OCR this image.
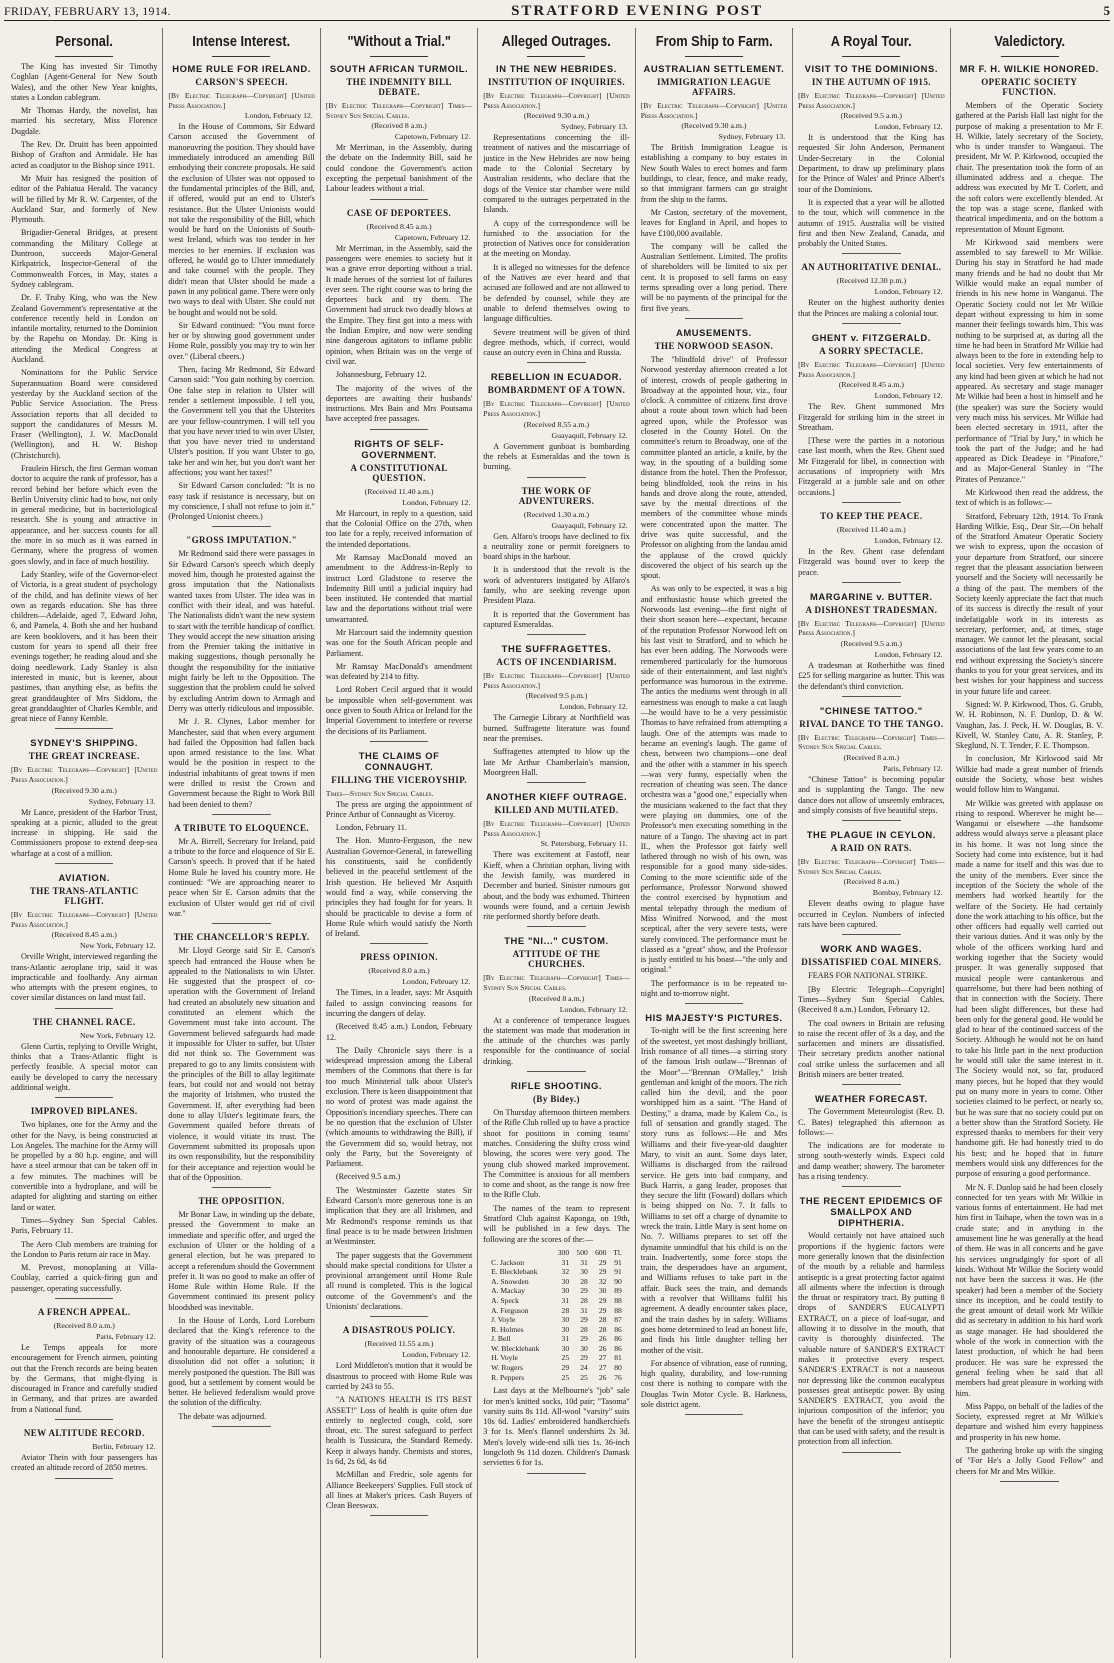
FRIDAY, FEBRUARY 13, 1914.	STRATFORD EVENING POST	5
Personal.

The King has invested Sir Timothy Coghlan (Agent-General for New South Wales), and the other New Year knights, states a London cablegram.

Mr Thomas Hardy, the novelist, has married his secretary, Miss Florence Dugdale.

The Rev. Dr. Druitt has been appointed Bishop of Grafton and Armidale. He has acted as coadjutor to the Bishop since 1911.

Mr Muir has resigned the position of editor of the Pahiatua Herald. The vacancy will be filled by Mr R. W. Carpenter, of the Auckland Star, and formerly of New Plymouth.

Brigadier-General Bridges, at present commanding the Military College at Duntroon, succeeds Major-General Kirkpatrick, Inspector-General of the Commonwealth Forces, in May, states a Sydney cablegram.

Dr. F. Truby King, who was the New Zealand Government's representative at the conference recently held in London on infantile mortality, returned to the Dominion by the Rapehu on Monday. Dr. King is attending the Medical Congress at Auckland.

Nominations for the Public Service Superannuation Board were considered yesterday by the Auckland section of the Public Service Association. The Press Association reports that all decided to support the candidatures of Messrs M. Fraser (Wellington), J. W. MacDonald (Wellington), and H. W. Bishop (Christchurch).

Fraulein Hirsch, the first German woman doctor to acquire the rank of professor, has a record behind her before which even the Berlin University clinic had to bow, not only in general medicine, but in bacteriological research. She is young and attractive in appearance, and her success counts for all the more in so much as it was earned in Germany, where the progress of women goes slowly, and in face of much hostility.

Lady Stanley, wife of the Governor-elect of Victoria, is a great student of psychology of the child, and has definite views of her own as regards education. She has three children—Adelaide, aged 7, Edward John, 6, and Pamela, 4. Both she and her husband are keen booklovers, and it has been their custom for years to spend all their free evenings together; he reading aloud and she doing needlework. Lady Stanley is also interested in music, but is keener, about pastimes, than anything else, as befits the great granddaughter of Mrs Siddons, the great granddaughter of Charles Kemble, and great niece of Fanny Kemble.

SYDNEY'S SHIPPING.
THE GREAT INCREASE.
[By Electric Telegraph—Copyright] [United Press Association.]
(Received 9.30 a.m.)
Sydney, February 13.

Mr Lance, president of the Harbor Trust, speaking at a picnic, alluded to the great increase in shipping. He said the Commissioners propose to extend deep-sea wharfage at a cost of a million.

AVIATION.
THE TRANS-ATLANTIC FLIGHT.
[By Electric Telegraph—Copyright] [United Press Association.]
(Received 8.45 a.m.)
New York, February 12.

Orville Wright, interviewed regarding the trans-Atlantic aeroplane trip, said it was impracticable and foolhardy. Any airman who attempts with the present engines, to cover similar distances on land must fail.

THE CHANNEL RACE.
New York, February 12.

Glenn Curtis, replying to Orville Wright, thinks that a Trans-Atlantic flight is perfectly feasible. A special motor can easily be developed to carry the necessary additional weight.

IMPROVED BIPLANES.

Two biplanes, one for the Army and the other for the Navy, is being constructed at Los Angeles. The machine for the Army will be propelled by a 80 h.p. engine, and will have a steel armour that can be taken off in a few minutes. The machines will be convertible into a hydroplane, and will be adapted for alighting and starting on either land or water.

Times—Sydney Sun Special Cables. Paris, February 11.

The Aero Club members are training for the London to Paris return air race in May.

M. Prevost, monoplaning at Villa-Coublay, carried a quick-firing gun and passenger, operating successfully.

A FRENCH APPEAL.
(Received 8.0 a.m.)
Paris, February 12.

Le Temps appeals for more encouragement for French airmen, pointing out that the French records are being beaten by the Germans, that might-flying is discouraged in France and carefully studied in Germany, and that prizes are awarded from a National fund.

NEW ALTITUDE RECORD.
Berlin, February 12.

Aviator Thein with four passengers has created an altitude record of 2850 metres.

Intense Interest.
HOME RULE FOR IRELAND.
CARSON'S SPEECH.
[By Electric Telegraph—Copyright] [United Press Association.]
London, February 12.

In the House of Commons, Sir Edward Carson accused the Government of manoeuvring the position. They should have immediately introduced an amending Bill embodying their concrete proposals. He said the exclusion of Ulster was not opposed to the fundamental principles of the Bill, and, if offered, would put an end to Ulster's resistance. But the Ulster Unionists would not take the responsibility of the Bill, which would be hard on the Unionists of South-west Ireland, which was too tender in her mercies to her enemies. If exclusion was offered, he would go to Ulster immediately and take counsel with the people. They didn't mean that Ulster should be made a pawn in any political game. There were only two ways to deal with Ulster. She could not be bought and would not be sold.

Sir Edward continued: "You must force her or by showing good government under Home Rule, possibly you may try to win her over." (Liberal cheers.)

Then, facing Mr Redmond, Sir Edward Carson said: "You gain nothing by coercion. One false step in relation to Ulster will render a settlement impossible. I tell you, the Government tell you that the Ulsterites are your fellow-countrymen. I will tell you that you have never tried to win over Ulster, that you have never tried to understand Ulster's position. If you want Ulster to go, take her and win her, but you don't want her affections; you want her taxes!"

Sir Edward Carson concluded: "It is no easy task if resistance is necessary, but on my conscience, I shall not refuse to join it." (Prolonged Unionist cheers.)

"GROSS IMPUTATION."

Mr Redmond said there were passages in Sir Edward Carson's speech which deeply moved him, though he protested against the gross imputation that the Nationalists wanted taxes from Ulster. The idea was in conflict with their ideal, and was hateful. The Nationalists didn't want the new system to start with the terrible handicap of conflict. They would accept the new situation arising from the Premier taking the initiative in making suggestions, though personally he thought the responsibility for the initiative might fairly be left to the Opposition. The suggestion that the problem could be solved by excluding Antrim down to Armagh and Derry was utterly ridiculous and impossible.

Mr J. R. Clynes, Labor member for Manchester, said that when every argument had failed the Opposition had fallen back upon armed resistance to the law. What would be the position in respect to the industrial inhabitants of great towns if men were drilled to resist the Crown and Government because the Right to Work Bill had been denied to them?

A TRIBUTE TO ELOQUENCE.

Mr A. Birrell, Secretary for Ireland, paid a tribute to the force and eloquence of Sir E. Carson's speech. It proved that if he hated Home Rule he loved his country more. He continued: "We are approaching nearer to peace when Sir E. Carson admits that the exclusion of Ulster would get rid of civil war."

THE CHANCELLOR'S REPLY.

Mr Lloyd George said Sir E. Carson's speech had entranced the House when he appealed to the Nationalists to win Ulster. He suggested that the prospect of co-operation with the Government of Ireland had created an absolutely new situation and constituted an element which the Government must take into account. The Government believed safeguards had made it impossible for Ulster to suffer, but Ulster did not think so. The Government was prepared to go to any limits consistent with the principles of the Bill to allay legitimate fears, but could not and would not betray the majority of Irishmen, who trusted the Government. If, after everything had been done to allay Ulster's legitimate fears, the Government quailed before threats of violence, it would vitiate its trust. The Government submitted its proposals upon its own responsibility, but the responsibility for their acceptance and rejection would be that of the Opposition.

THE OPPOSITION.

Mr Bonar Law, in winding up the debate, pressed the Government to make an immediate and specific offer, and urged the exclusion of Ulster or the holding of a general election, but he was prepared to accept a referendum should the Government prefer it. It was no good to make an offer of Home Rule within Home Rule. If the Government continued its present policy bloodshed was inevitable.

In the House of Lords, Lord Loreburn declared that the King's reference to the gravity of the situation was a courageous and honourable departure. He considered a dissolution did not offer a solution; it merely postponed the question. The Bill was good, but a settlement by consent would be better. He believed federalism would prove the solution of the difficulty.

The debate was adjourned.

"Without a Trial."
SOUTH AFRICAN TURMOIL.
THE INDEMNITY BILL DEBATE.
[By Electric Telegraph—Copyright] Times—Sydney Sun Special Cables.
(Received 8 a.m.)
Capetown, February 12.

Mr Merriman, in the Assembly, during the debate on the Indemnity Bill, said he could condone the Government's action excepting the perpetual banishment of the Labour leaders without a trial.

CASE OF DEPORTEES.
(Received 8.45 a.m.)
Capetown, February 12.

Mr Merriman, in the Assembly, said the passengers were enemies to society but it was a grave error deporting without a trial. It made heroes of the sorriest lot of failures ever seen. The right course was to bring the deportees back and try them. The Government had struck two deadly blows at the Empire. They first got into a mess with the Indian Empire, and now were sending nine dangerous agitators to inflame public opinion, when Britain was on the verge of civil war.

Johannesburg, February 12.

The majority of the wives of the deportees are awaiting their husbands' instructions. Mrs Bain and Mrs Poutsama have accepted free passages.

RIGHTS OF SELF-GOVERNMENT.
A CONSTITUTIONAL QUESTION.
(Received 11.40 a.m.)
London, February 12.

Mr Harcourt, in reply to a question, said that the Colonial Office on the 27th, when too late for a reply, received information of the intended deportations.

Mr Ramsay MacDonald moved an amendment to the Address-in-Reply to instruct Lord Gladstone to reserve the Indemnity Bill until a judicial inquiry had been instituted. He contended that martial law and the deportations without trial were unwarranted.

Mr Harcourt said the indemnity question was one for the South African people and Parliament.

Mr Ramsay MacDonald's amendment was defeated by 214 to fifty.

Lord Robert Cecil argued that it would be impossible when self-government was once given to South Africa or Ireland for the Imperial Government to interfere or reverse the decisions of its Parliament.

THE CLAIMS OF CONNAUGHT.
FILLING THE VICEROYSHIP.
Times—Sydney Sun Special Cables.

The press are urging the appointment of Prince Arthur of Connaught as Viceroy.

London, February 11.

The Hon. Munro-Ferguson, the new Australian Governor-General, in farewelling his constituents, said he confidently believed in the peaceful settlement of the Irish question. He believed Mr Asquith would find a way, while conserving the principles they had fought for for years. It should be practicable to devise a form of Home Rule which would satisfy the North of Ireland.

PRESS OPINION.
(Received 8.0 a.m.)
London, February 12.

The Times, in a leader, says: Mr Asquith failed to assign convincing reasons for incurring the dangers of delay.

(Received 8.45 a.m.) London, February 12.

The Daily Chronicle says there is a widespread impression among the Liberal members of the Commons that there is far too much Ministerial talk about Ulster's exclusion. There is keen disappointment that no word of protest was made against the Opposition's incendiary speeches. There can be no question that the exclusion of Ulster (which amounts to withdrawing the Bill), if the Government did so, would betray, not only the Party, but the Sovereignty of Parliament.

(Received 9.5 a.m.)

The Westminster Gazette states Sir Edward Carson's more generous tone is an implication that they are all Irishmen, and Mr Redmond's response reminds us that final peace is to be made between Irishmen at Westminster.

The paper suggests that the Government should make special conditions for Ulster a provisional arrangement until Home Rule all round is completed. This is the logical outcome of the Government's and the Unionists' declarations.

A DISASTROUS POLICY.
(Received 11.55 a.m.)
London, February 12.

Lord Middleton's motion that it would be disastrous to proceed with Home Rule was carried by 243 to 55.

"A NATION'S HEALTH IS ITS BEST ASSET!" Loss of health is quite often due entirely to neglected cough, cold, sore throat, etc. The surest safeguard to perfect health is Tussicura, the Standard Remedy. Keep it always handy. Chemists and stores, 1s 6d, 2s 6d, 4s 6d

McMillan and Fredric, sole agents for Alliance Beekeepers' Supplies. Full stock of all lines at Maker's prices. Cash Buyers of Clean Beeswax.

Alleged Outrages.
IN THE NEW HEBRIDES.
INSTITUTION OF INQUIRIES.
[By Electric Telegraph—Copyright] [United Press Association.]
(Received 9.30 a.m.)
Sydney, February 13.

Representations concerning the ill-treatment of natives and the miscarriage of justice in the New Hebrides are now being made to the Colonial Secretary by Australian residents, who declare that the dogs of the Venice star chamber were mild compared to the outrages perpetrated in the Islands.

A copy of the correspondence will be furnished to the association for the protection of Natives once for consideration at the meeting on Monday.

It is alleged no witnesses for the defence of the Natives are ever heard and that accused are followed and are not allowed to be defended by counsel, while they are unable to defend themselves owing to language difficulties.

Severe treatment will be given of third degree methods, which, if correct, would cause an outcry even in China and Russia.

REBELLION IN ECUADOR.
BOMBARDMENT OF A TOWN.
[By Electric Telegraph—Copyright] [United Press Association.]
(Received 8.55 a.m.)
Guayaquil, February 12.

A Government gunboat is bombarding the rebels at Esmeraldas and the town is burning.

THE WORK OF ADVENTURERS.
(Received 1.30 a.m.)
Guayaquil, February 12.

Gen. Alfaro's troops have declined to fix a neutrality zone or permit foreigners to board ships in the harbour.

It is understood that the revolt is the work of adventurers instigated by Alfaro's family, who are seeking revenge upon President Plaza.

It is reported that the Government has captured Esmeraldas.

THE SUFFRAGETTES.
ACTS OF INCENDIARISM.
[By Electric Telegraph—Copyright] [United Press Association.]
(Received 9.5 p.m.)
London, February 12.

The Carnegie Library at Northfield was burned. Suffragette literature was found near the premises.

Suffragettes attempted to blow up the late Mr Arthur Chamberlain's mansion, Moorgreen Hall.

ANOTHER KIEFF OUTRAGE.
KILLED AND MUTILATED.
[By Electric Telegraph—Copyright] [United Press Association.]
St. Petersburg, February 11.

There was excitement at Fastoff, near Kieff, when a Christian orphan, living with the Jewish family, was murdered in December and buried. Sinister rumours got about, and the body was exhumed. Thirteen wounds were found, and a certain Jewish rite performed shortly before death.

THE "NI..." CUSTOM.
ATTITUDE OF THE CHURCHES.
[By Electric Telegraph—Copyright] Times—Sydney Sun Special Cables.
(Received 8 a.m.)
London, February 12.

At a conference of temperance leagues the statement was made that moderation in the attitude of the churches was partly responsible for the continuance of social drinking.

RIFLE SHOOTING.
(By Bidey.)

On Thursday afternoon thirteen members of the Rifle Club rolled up to have a practice shoot for positions in coming teams' matches. Considering the shifty cross wind blowing, the scores were very good. The young club showed marked improvement. The Committee is anxious for all members to come and shoot, as the range is now free to the Rifle Club.

The names of the team to represent Stratford Club against Kaponga, on 19th, will be published in a few days. The following are the scores of the:—

	300	500	600	Tl.
C. Jackson	31	31	29	91
E. Blecklebank	32	30	29	91
A. Snowden	30	28	32	90
A. Mackay	30	29	30	89
A. Speck	31	28	29	88
A. Ferguson	28	31	29	88
J. Voyle	30	29	28	87
R. Holmes	30	28	28	86
J. Bell	31	29	26	86
W. Blecklebank	30	30	26	86
H. Voyle	25	29	27	81
W. Rogers	29	24	27	80
R. Peppers	25	25	26	76

Last days at the Melbourne's "job" sale for men's knitted socks, 10d pair; "Tasoma" varsity suits 8s 11d. All-wool "varsity" suits 10s 6d. Ladies' embroidered handkerchiefs 3 for 1s. Men's flannel undershirts 2s 3d. Men's lovely wide-end silk ties 1s. 36-inch longcloth 9s 11d dozen. Children's Damask serviettes 6 for 1s.

From Ship to Farm.
AUSTRALIAN SETTLEMENT.
IMMIGRATION LEAGUE AFFAIRS.
[By Electric Telegraph—Copyright] [United Press Association.]
(Received 9.30 a.m.)
Sydney, February 13.

The British Immigration League is establishing a company to buy estates in New South Wales to erect homes and farm buildings, to clear, fence, and make ready, so that immigrant farmers can go straight from the ship to the farms.

Mr Caston, secretary of the movement, leaves for England in April, and hopes to have £100,000 available.

The company will be called the Australian Settlement. Limited. The profits of shareholders will be limited to six per cent. It is proposed to sell farms on easy terms spreading over a long period. There will be no payments of the principal for the first five years.

AMUSEMENTS.
THE NORWOOD SEASON.

The "blindfold drive" of Professor Norwood yesterday afternoon created a lot of interest, crowds of people gathering in Broadway at the appointed hour, viz., four o'clock. A committee of citizens first drove about a route about town which had been agreed upon, while the Professor was closeted in the County Hotel. On the committee's return to Broadway, one of the committee planted an article, a knife, by the way, in the spouting of a building some distance from the hotel. Then the Professor, being blindfolded, took the reins in his hands and drove along the route, attended, save by the mental directions of the members of the committee whose minds were concentrated upon the matter. The drive was quite successful, and the Professor on alighting from the landau amid the applause of the crowd quickly discovered the object of his search up the spout.

As was only to be expected, it was a big and enthusiastic house which greeted the Norwoods last evening—the first night of their short season here—expectant, because of the reputation Professor Norwood left on his last visit to Stratford, and to which he has ever been adding. The Norwoods were remembered particularly for the humorous side of their entertainment, and last night's performance was humorous in the extreme. The antics the mediums went through in all earnestness was enough to make a cat laugh—he would have to be a very pessimistic Thomas to have refrained from attempting a laugh. One of the attempts was made to became an evening's laugh. The game of chess, between two champions—one deaf and the other with a stammer in his speech—was very funny, especially when the recreation of cheating was seen. The dance orchestra was a "good one," especially when the musicians wakened to the fact that they were playing on dummies, one of the Professor's men executing something in the nature of a Tango. The shaving act in part II., when the Professor got fairly well lathered through no wish of his own, was responsible for a good many side-sides. Coming to the more scientific side of the performance, Professor Norwood showed the control exercised by hypnotism and mental telepathy through the medium of Miss Winifred Norwood, and the most sceptical, after the very severe tests, were surely convinced. The performance must be classed as a "great" show, and the Professor is justly entitled to his boast—"the only and original."

The performance is to be repeated to-night and to-morrow night.

HIS MAJESTY'S PICTURES.

To-night will be the first screening here of the sweetest, yet most dashingly brilliant, Irish romance of all times—a stirring story of the famous Irish outlaw—"Brennan of the Moor"—"Brennan O'Malley," Irish gentleman and knight of the moors. The rich called him the devil, and the poor worshipped him as a saint. "The Hand of Destiny," a drama, made by Kalem Co., is full of sensation and grandly staged. The story runs as follows:—He and Mrs Williams and their five-year-old daughter Mary, to visit an aunt. Some days later, Williams is discharged from the railroad service. He gets into bad company, and Buck Harris, a gang leader, proposes that they secure the liftt (Foward) dollars which is being shipped on No. 7. It falls to Williams to set off a charge of dynamite to wreck the train. Little Mary is sent home on No. 7. Williams prepares to set off the dynamite unmindful that his child is on the train. Inadvertently, some force stops the train, the desperadoes have an argument, and Williams refuses to take part in the affair. Buck sees the train, and demands with a revolver that Williams fulfil his agreement. A deadly encounter takes place, and the train dashes by in safety. Williams goes home determined to lead an honest life, and finds his little daughter telling her mother of the visit.

For absence of vibration, ease of running, high quality, durability, and low-running cost there is nothing to compare with the Douglas Twin Motor Cycle. B. Harkness, sole district agent.

A Royal Tour.
VISIT TO THE DOMINIONS.
IN THE AUTUMN OF 1915.
[By Electric Telegraph—Copyright] [United Press Association.]
(Received 9.5 a.m.)
London, February 12.

It is understood that the King has requested Sir John Anderson, Permanent Under-Secretary in the Colonial Department, to draw up preliminary plans for the Prince of Wales' and Prince Albert's tour of the Dominions.

It is expected that a year will be allotted to the tour, which will commence in the autumn of 1915. Australia will be visited first and then New Zealand, Canada, and probably the United States.

AN AUTHORITATIVE DENIAL.
(Received 12.30 p.m.)
London, February 12.

Reuter on the highest authority denies that the Princes are making a colonial tour.

GHENT v. FITZGERALD.
A SORRY SPECTACLE.
[By Electric Telegraph—Copyright] [United Press Association.]
(Received 8.45 a.m.)
London, February 12.

The Rev. Ghent summoned Mrs Fitzgerald for striking him in the street in Streatham.

[These were the parties in a notorious case last month, when the Rev. Ghent sued Mr Fitzgerald for libel, in connection with accusations of impropriety with Mrs Fitzgerald at a jumble sale and on other occasions.]

TO KEEP THE PEACE.
(Received 11.40 a.m.)
London, February 12.

In the Rev. Ghent case defendant Fitzgerald was bound over to keep the peace.

MARGARINE v. BUTTER.
A DISHONEST TRADESMAN.
[By Electric Telegraph—Copyright] [United Press Association.]
(Received 9.5 a.m.)
London, February 12.

A tradesman at Rotherhithe was fined £25 for selling margarine as butter. This was the defendant's third conviction.

"CHINESE TATTOO."
RIVAL DANCE TO THE TANGO.
[By Electric Telegraph—Copyright] Times—Sydney Sun Special Cables.
(Received 8 a.m.)
Paris, February 12.

"Chinese Tattoo" is becoming popular and is supplanting the Tango. The new dance does not allow of unseemly embraces, and simply consists of five beautiful steps.

THE PLAGUE IN CEYLON.
A RAID ON RATS.
[By Electric Telegraph—Copyright] Times—Sydney Sun Special Cables.
(Received 8 a.m.)
Bombay, February 12.

Eleven deaths owing to plague have occurred in Ceylon. Numbers of infected rats have been captured.

WORK AND WAGES.
DISSATISFIED COAL MINERS.

FEARS FOR NATIONAL STRIKE.

[By Electric Telegraph—Copyright] Times—Sydney Sun Special Cables. (Received 8 a.m.) London, February 12.

The coal owners in Britain are refusing to raise the recent offer of 3s a day, and the surfacemen and miners are dissatisfied. Their secretary predicts another national coal strike unless the surfacemen and all British miners are better treated.

WEATHER FORECAST.

The Government Meteorologist (Rev. D. C. Bates) telegraphed this afternoon as follows:—

The indications are for moderate to strong south-westerly winds. Expect cold and damp weather; showery. The barometer has a rising tendency.

THE RECENT EPIDEMICS OF SMALLPOX AND DIPHTHERIA.

Would certainly not have attained such proportions if the hygienic factors were more generally known that the disinfection of the mouth by a reliable and harmless antiseptic is a great protecting factor against all ailments where the infection is through the throat or respiratory tract. By putting 8 drops of SANDER'S EUCALYPTI EXTRACT, on a piece of loaf-sugar, and allowing it to dissolve in the mouth, that cavity is thoroughly disinfected. The valuable nature of SANDER'S EXTRACT makes it protective every respect. SANDER'S EXTRACT is not a nauseous nor depressing like the common eucalyptus possesses great antiseptic power. By using SANDER'S EXTRACT, you avoid the injurious composition of the inferior; you have the benefit of the strongest antiseptic that can be used with safety, and the result is protection from all infection.

Valedictory.
MR F. H. WILKIE HONORED.
OPERATIC SOCIETY FUNCTION.

Members of the Operatic Society gathered at the Parish Hall last night for the purpose of making a presentation to Mr F. H. Wilkie, lately secretary of the Society, who is under transfer to Wanganui. The president, Mr W. P. Kirkwood, occupied the chair. The presentation took the form of an illuminated address and a cheque. The address was executed by Mr T. Corlett, and the soft colors were excellently blended. At the top was a stage scene, flanked with theatrical impedimenta, and on the bottom a representation of Mount Egmont.

Mr Kirkwood said members were assembled to say farewell to Mr Wilkie. During his stay in Stratford he had made many friends and he had no doubt that Mr Wilkie would make an equal number of friends in his new home in Wanganui. The Operatic Society could not let Mr Wilkie depart without expressing to him in some manner their feelings towards him. This was nothing to be surprised at, as during all the time he had been in Stratford Mr Wilkie had always been to the fore in extending help to local societies. Very few entertainments of any kind had been given at which he had not appeared. As secretary and stage manager Mr Wilkie had been a host in himself and he (the speaker) was sure the Society would very much miss his services. Mr Wilkie had been elected secretary in 1911, after the performance of "Trial by Jury," in which he took the part of the Judge; and he had appeared as Dick Deadeye in "Pinafore," and as Major-General Stanley in "The Pirates of Penzance."

Mr Kirkwood then read the address, the text of which is as follows:—

Stratford, February 12th, 1914. To Frank Harding Wilkie, Esq., Dear Sir,—On behalf of the Stratford Amateur Operatic Society we wish to express, upon the occasion of your departure from Stratford, our sincere regret that the pleasant association between yourself and the Society will necessarily be a thing of the past. The members of the Society keenly appreciate the fact that much of its success is directly the result of your indefatigable work in its interests as secretary, performer, and, at times, stage manager. We cannot let the pleasant, social associations of the last few years come to an end without expressing the Society's sincere thanks to you for your great services, and its best wishes for your happiness and success in your future life and career.

Signed: W. P. Kirkwood, Thos. G. Grubb, W. H. Robinson, N. F. Dunlop, D. & W. Vaughan, Jas. J. Peck, H. W. Douglas, B. V. Kivell, W. Stanley Cato, A. R. Stanley, P. Skeglund, N. T. Tender, F. E. Thompson.

In conclusion, Mr Kirkwood said Mr Wilkie had made a great number of friends outside the Society, whose best wishes would follow him to Wanganui.

Mr Wilkie was greeted with applause on rising to respond. Wherever he might be—Wanganui or elsewhere —the handsome address would always serve a pleasant place in his home. It was not long since the Society had come into existence, but it had made a name for itself and this was due to the unity of the members. Ever since the inception of the Society the whole of the members had worked heartily for the welfare of the Society. He had certainly done the work attaching to his office, but the other officers had equally well carried out their various duties. And it was only by the whole of the officers working hard and working together that the Society would prosper. It was generally supposed that musical people were cantankerous and quarrelsome, but there had been nothing of that in connection with the Society. There had been slight differences, but these had been only for the general good. He would be glad to hear of the continued success of the Society. Although he would not be on hand to take his little part in the next production he would still take the same interest in it. The Society would not, so far, produced many pieces, but he hoped that they would put on many more in years to come. Other societies claimed to be perfect, or nearly so, but he was sure that no society could put on a better show than the Stratford Society. He expressed thanks to members for their very handsome gift. He had honestly tried to do his best; and he hoped that in future members would sink any differences for the purpose of ensuring a good performance.

Mr N. F. Dunlop said he had been closely connected for ten years with Mr Wilkie in various forms of entertainment. He had met him first in Taihape, when the town was in a crude state; and in anything in the amusement line he was generally at the head of them. He was in all concerts and he gave his services ungrudgingly for sport of all kinds. Without Mr Wilkie the Society would not have been the success it was. He (the speaker) had been a member of the Society since its inception, and he could testify to the great amount of detail work Mr Wilkie did as secretary in addition to his hard work as stage manager. He had shouldered the whole of the work in connection with the latest production, of which he had been producer. He was sure he expressed the general feeling when he said that all members had great pleasure in working with him.

Miss Pappo, on behalf of the ladies of the Society, expressed regret at Mr Wilkie's departure and wished him every happiness and prosperity in his new home.

The gathering broke up with the singing of "For He's a Jolly Good Fellow" and cheers for Mr and Mrs Wilkie.
